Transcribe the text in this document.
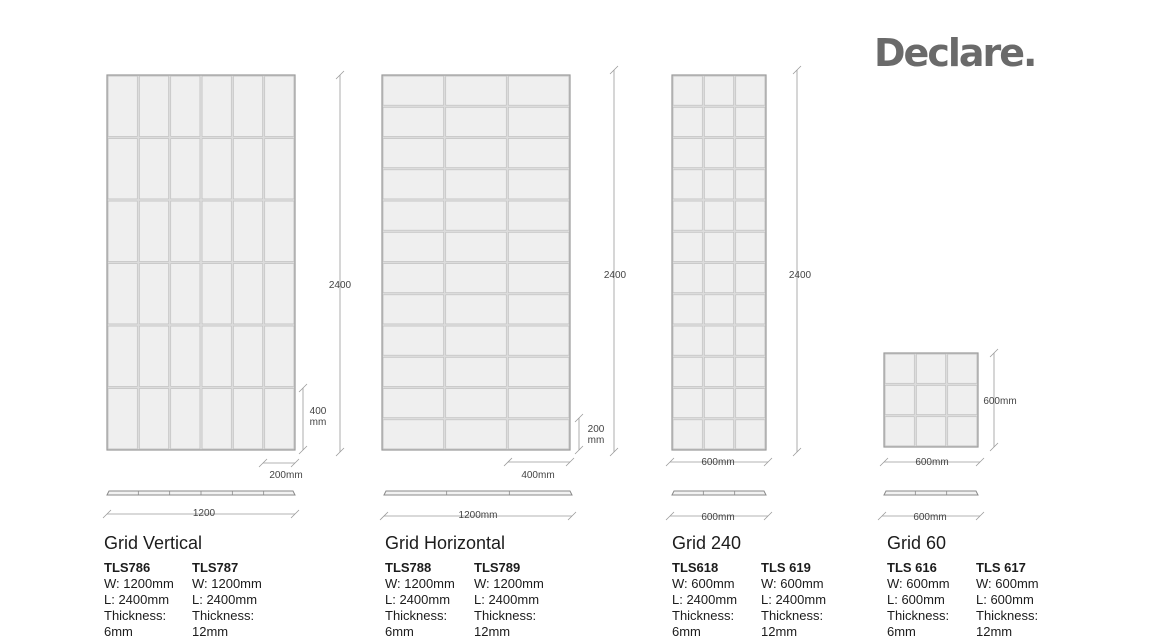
Declare.
2400
400
mm
200mm
1200
2400
200
mm
400mm
1200mm
2400
600mm
600mm
600mm
600mm
600mm
Grid Vertical	Grid Horizontal	Grid 240	Grid 60
TLS786
W: 1200mm
L: 2400mm
Thickness:
6mm
TLS787
W: 1200mm
L: 2400mm
Thickness:
12mm
TLS788
W: 1200mm
L: 2400mm
Thickness:
6mm
TLS789
W: 1200mm
L: 2400mm
Thickness:
12mm
TLS618
W: 600mm
L: 2400mm
Thickness:
6mm
TLS 619
W: 600mm
L: 2400mm
Thickness:
12mm
TLS 616
W: 600mm
L: 600mm
Thickness:
6mm
TLS 617
W: 600mm
L: 600mm
Thickness:
12mm
